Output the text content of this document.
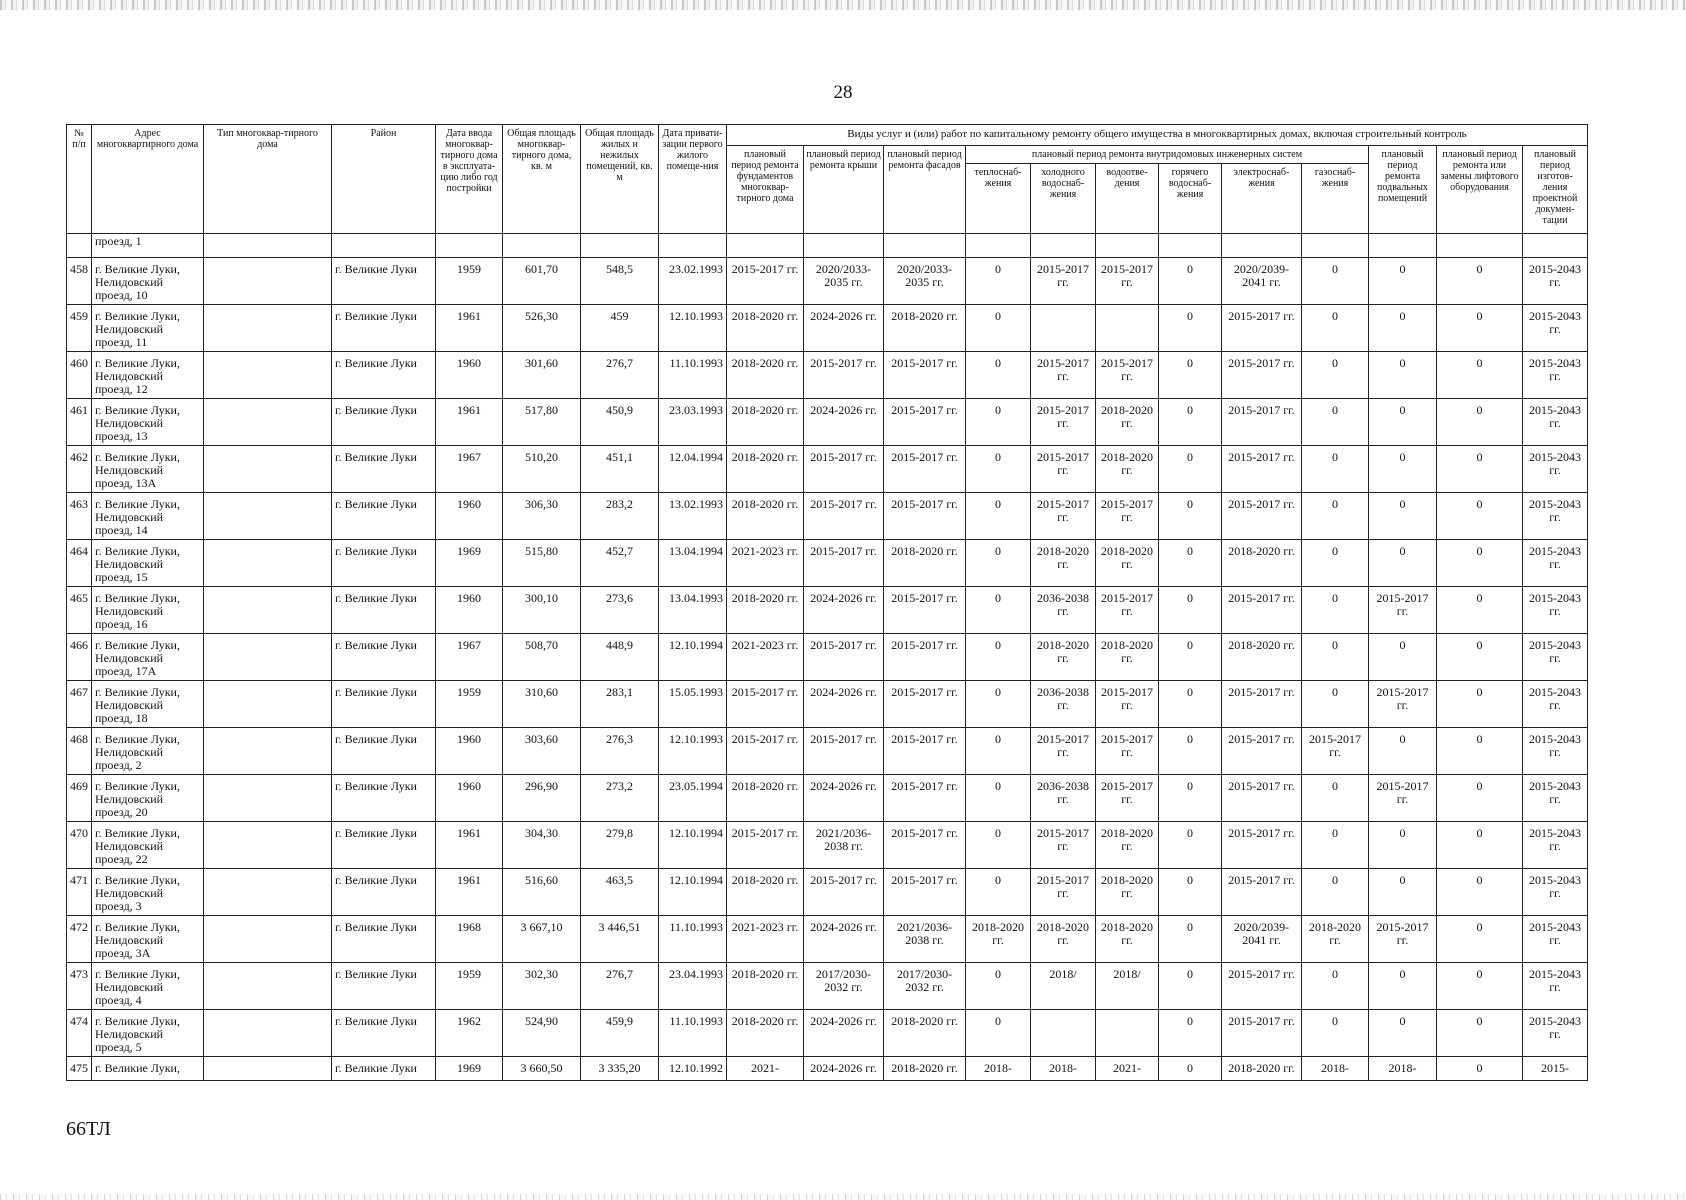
28
№ п/п	Адрес многоквартирного дома	Тип многоквар-тирного дома	Район	Дата ввода многоквар-тирного дома в эксплуата-цию либо год постройки	Общая площадь многоквар-тирного дома, кв. м	Общая площадь жилых и нежилых помещений, кв. м	Дата привати-зации первого жилого помеще-ния	Виды услуг и (или) работ по капитальному ремонту общего имущества в многоквартирных домах, включая строительный контроль											
								плановый период ремонта фундаментов многоквар-тирного дома	плановый период ремонта крыши	плановый период ремонта фасадов	плановый период ремонта внутридомовых инженерных систем						плановый период ремонта подвальных помещений	плановый период ремонта или замены лифтового оборудования	плановый период изготов-ления проектной докумен-тации
											теплоснаб-жения	холодного водоснаб-жения	водоотве-дения	горячего водоснаб-жения	электроснаб-жения	газоснаб-жения			
	проезд, 1																		
458	г. Великие Луки, Нелидовский проезд, 10		г. Великие Луки	1959	601,70	548,5	23.02.1993	2015-2017 гг.	2020/2033-2035 гг.	2020/2033-2035 гг.	0	2015-2017 гг.	2015-2017 гг.	0	2020/2039-2041 гг.	0	0	0	2015-2043 гг.
459	г. Великие Луки, Нелидовский проезд, 11		г. Великие Луки	1961	526,30	459	12.10.1993	2018-2020 гг.	2024-2026 гг.	2018-2020 гг.	0			0	2015-2017 гг.	0	0	0	2015-2043 гг.
460	г. Великие Луки, Нелидовский проезд, 12		г. Великие Луки	1960	301,60	276,7	11.10.1993	2018-2020 гг.	2015-2017 гг.	2015-2017 гг.	0	2015-2017 гг.	2015-2017 гг.	0	2015-2017 гг.	0	0	0	2015-2043 гг.
461	г. Великие Луки, Нелидовский проезд, 13		г. Великие Луки	1961	517,80	450,9	23.03.1993	2018-2020 гг.	2024-2026 гг.	2015-2017 гг.	0	2015-2017 гг.	2018-2020 гг.	0	2015-2017 гг.	0	0	0	2015-2043 гг.
462	г. Великие Луки, Нелидовский проезд, 13А		г. Великие Луки	1967	510,20	451,1	12.04.1994	2018-2020 гг.	2015-2017 гг.	2015-2017 гг.	0	2015-2017 гг.	2018-2020 гг.	0	2015-2017 гг.	0	0	0	2015-2043 гг.
463	г. Великие Луки, Нелидовский проезд, 14		г. Великие Луки	1960	306,30	283,2	13.02.1993	2018-2020 гг.	2015-2017 гг.	2015-2017 гг.	0	2015-2017 гг.	2015-2017 гг.	0	2015-2017 гг.	0	0	0	2015-2043 гг.
464	г. Великие Луки, Нелидовский проезд, 15		г. Великие Луки	1969	515,80	452,7	13.04.1994	2021-2023 гг.	2015-2017 гг.	2018-2020 гг.	0	2018-2020 гг.	2018-2020 гг.	0	2018-2020 гг.	0	0	0	2015-2043 гг.
465	г. Великие Луки, Нелидовский проезд, 16		г. Великие Луки	1960	300,10	273,6	13.04.1993	2018-2020 гг.	2024-2026 гг.	2015-2017 гг.	0	2036-2038 гг.	2015-2017 гг.	0	2015-2017 гг.	0	2015-2017 гг.	0	2015-2043 гг.
466	г. Великие Луки, Нелидовский проезд, 17А		г. Великие Луки	1967	508,70	448,9	12.10.1994	2021-2023 гг.	2015-2017 гг.	2015-2017 гг.	0	2018-2020 гг.	2018-2020 гг.	0	2018-2020 гг.	0	0	0	2015-2043 гг.
467	г. Великие Луки, Нелидовский проезд, 18		г. Великие Луки	1959	310,60	283,1	15.05.1993	2015-2017 гг.	2024-2026 гг.	2015-2017 гг.	0	2036-2038 гг.	2015-2017 гг.	0	2015-2017 гг.	0	2015-2017 гг.	0	2015-2043 гг.
468	г. Великие Луки, Нелидовский проезд, 2		г. Великие Луки	1960	303,60	276,3	12.10.1993	2015-2017 гг.	2015-2017 гг.	2015-2017 гг.	0	2015-2017 гг.	2015-2017 гг.	0	2015-2017 гг.	2015-2017 гг.	0	0	2015-2043 гг.
469	г. Великие Луки, Нелидовский проезд, 20		г. Великие Луки	1960	296,90	273,2	23.05.1994	2018-2020 гг.	2024-2026 гг.	2015-2017 гг.	0	2036-2038 гг.	2015-2017 гг.	0	2015-2017 гг.	0	2015-2017 гг.	0	2015-2043 гг.
470	г. Великие Луки, Нелидовский проезд, 22		г. Великие Луки	1961	304,30	279,8	12.10.1994	2015-2017 гг.	2021/2036-2038 гг.	2015-2017 гг.	0	2015-2017 гг.	2018-2020 гг.	0	2015-2017 гг.	0	0	0	2015-2043 гг.
471	г. Великие Луки, Нелидовский проезд, 3		г. Великие Луки	1961	516,60	463,5	12.10.1994	2018-2020 гг.	2015-2017 гг.	2015-2017 гг.	0	2015-2017 гг.	2018-2020 гг.	0	2015-2017 гг.	0	0	0	2015-2043 гг.
472	г. Великие Луки, Нелидовский проезд, 3А		г. Великие Луки	1968	3 667,10	3 446,51	11.10.1993	2021-2023 гг.	2024-2026 гг.	2021/2036-2038 гг.	2018-2020 гг.	2018-2020 гг.	2018-2020 гг.	0	2020/2039-2041 гг.	2018-2020 гг.	2015-2017 гг.	0	2015-2043 гг.
473	г. Великие Луки, Нелидовский проезд, 4		г. Великие Луки	1959	302,30	276,7	23.04.1993	2018-2020 гг.	2017/2030-2032 гг.	2017/2030-2032 гг.	0	2018/	2018/	0	2015-2017 гг.	0	0	0	2015-2043 гг.
474	г. Великие Луки, Нелидовский проезд, 5		г. Великие Луки	1962	524,90	459,9	11.10.1993	2018-2020 гг.	2024-2026 гг.	2018-2020 гг.	0			0	2015-2017 гг.	0	0	0	2015-2043 гг.
475	г. Великие Луки,		г. Великие Луки	1969	3 660,50	3 335,20	12.10.1992	2021-	2024-2026 гг.	2018-2020 гг.	2018-	2018-	2021-	0	2018-2020 гг.	2018-	2018-	0	2015-
66ТЛ
